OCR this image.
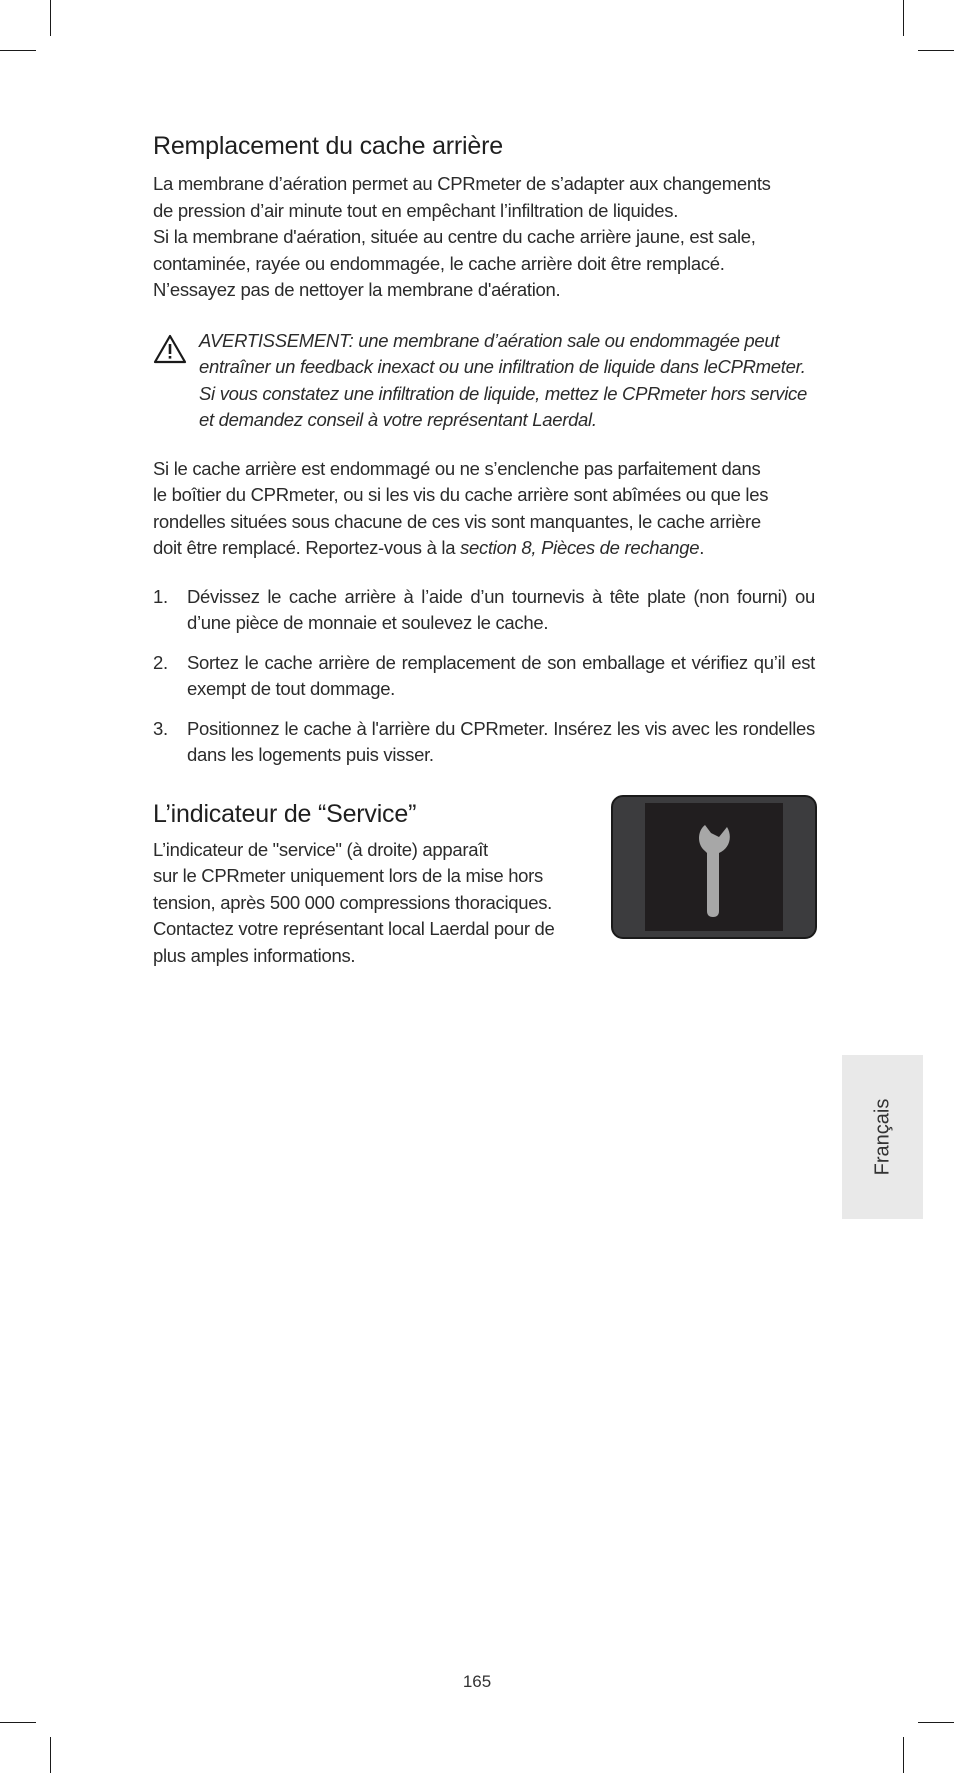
Remplacement du cache arrière

La membrane d’aération permet au CPRmeter de s’adapter aux changements
de pression d’air minute tout en empêchant l’infiltration de liquides.
Si la membrane d'aération, située au centre du cache arrière jaune, est sale,
contaminée, rayée ou endommagée, le cache arrière doit être remplacé.
N’essayez pas de nettoyer la membrane d'aération.

AVERTISSEMENT: une membrane d’aération sale ou endommagée peut
entraîner un feedback inexact ou une infiltration de liquide dans leCPRmeter.
Si vous constatez une infiltration de liquide, mettez le CPRmeter hors service
et demandez conseil à votre représentant Laerdal.

Si le cache arrière est endommagé ou ne s’enclenche pas parfaitement dans
le boîtier du CPRmeter, ou si les vis du cache arrière sont abîmées ou que les
rondelles situées sous chacune de ces vis sont manquantes, le cache arrière
doit être remplacé. Reportez-vous à la section 8, Pièces de rechange.

1. Dévissez le cache arrière à l’aide d’un tournevis à tête plate (non fourni) ou d’une pièce de monnaie et soulevez le cache.
2. Sortez le cache arrière de remplacement de son emballage et vérifiez qu’il est exempt de tout dommage.
3. Positionnez le cache à l'arrière du CPRmeter. Insérez les vis avec les rondelles dans les logements puis visser.
L’indicateur de “Service”

L’indicateur de "service" (à droite) apparaît
sur le CPRmeter uniquement lors de la mise hors
tension, après 500 000 compressions thoraciques.
Contactez votre représentant local Laerdal pour de
plus amples informations.

Français
165
